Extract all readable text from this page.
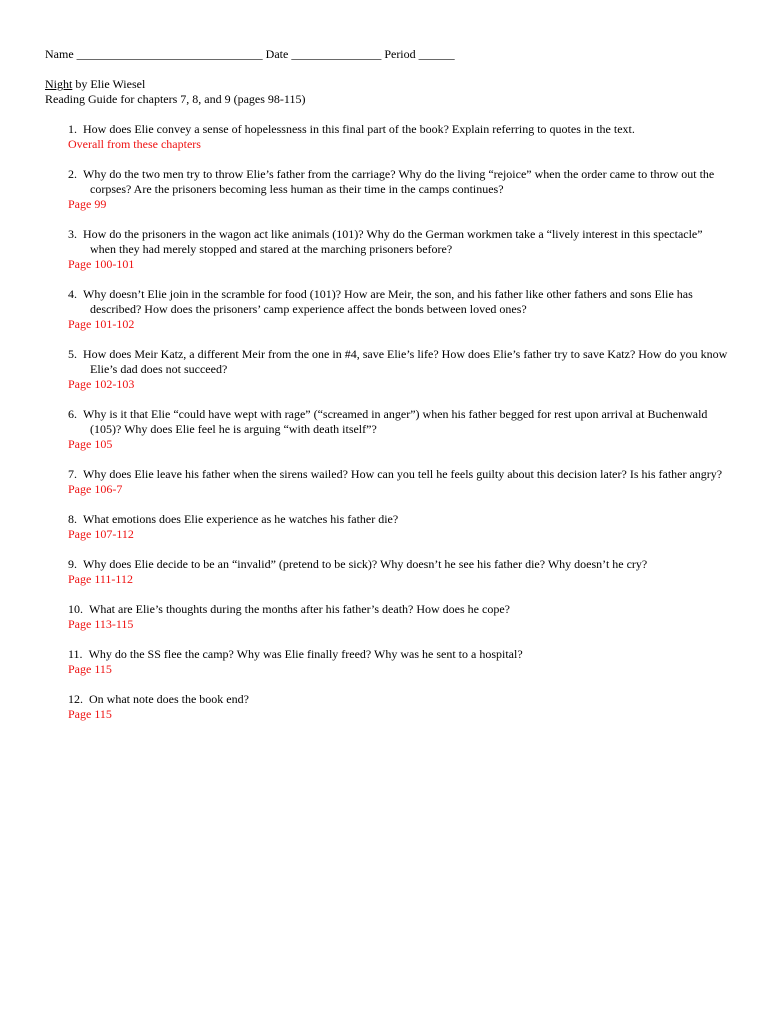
Name _______________________________ Date _______________ Period ______
Night by Elie Wiesel
Reading Guide for chapters 7, 8, and 9 (pages 98-115)
1. How does Elie convey a sense of hopelessness in this final part of the book? Explain referring to quotes in the text.
Overall from these chapters
2. Why do the two men try to throw Elie’s father from the carriage? Why do the living “rejoice” when the order came to throw out the corpses? Are the prisoners becoming less human as their time in the camps continues?
Page 99
3. How do the prisoners in the wagon act like animals (101)? Why do the German workmen take a “lively interest in this spectacle” when they had merely stopped and stared at the marching prisoners before?
Page 100-101
4. Why doesn’t Elie join in the scramble for food (101)? How are Meir, the son, and his father like other fathers and sons Elie has described? How does the prisoners’ camp experience affect the bonds between loved ones?
Page 101-102
5. How does Meir Katz, a different Meir from the one in #4, save Elie’s life? How does Elie’s father try to save Katz? How do you know Elie’s dad does not succeed?
Page 102-103
6. Why is it that Elie “could have wept with rage” (“screamed in anger”) when his father begged for rest upon arrival at Buchenwald (105)? Why does Elie feel he is arguing “with death itself”?
Page 105
7. Why does Elie leave his father when the sirens wailed? How can you tell he feels guilty about this decision later? Is his father angry?
Page 106-7
8. What emotions does Elie experience as he watches his father die?
Page 107-112
9. Why does Elie decide to be an “invalid” (pretend to be sick)? Why doesn’t he see his father die? Why doesn’t he cry?
Page 111-112
10. What are Elie’s thoughts during the months after his father’s death? How does he cope?
Page 113-115
11. Why do the SS flee the camp? Why was Elie finally freed? Why was he sent to a hospital?
Page 115
12. On what note does the book end?
Page 115
